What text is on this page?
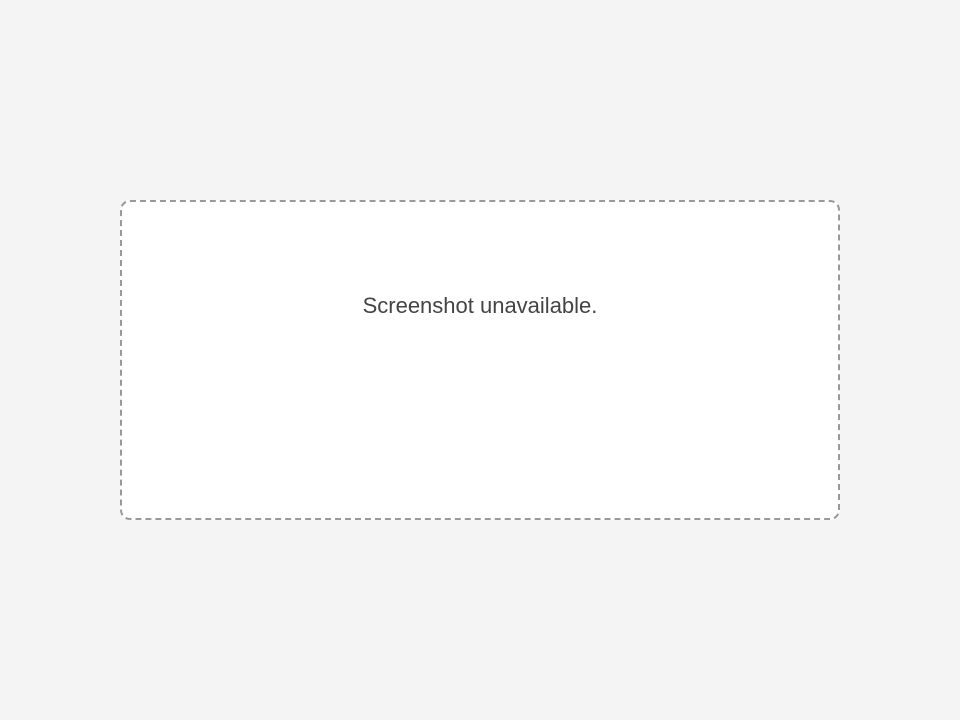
Screenshot unavailable.
